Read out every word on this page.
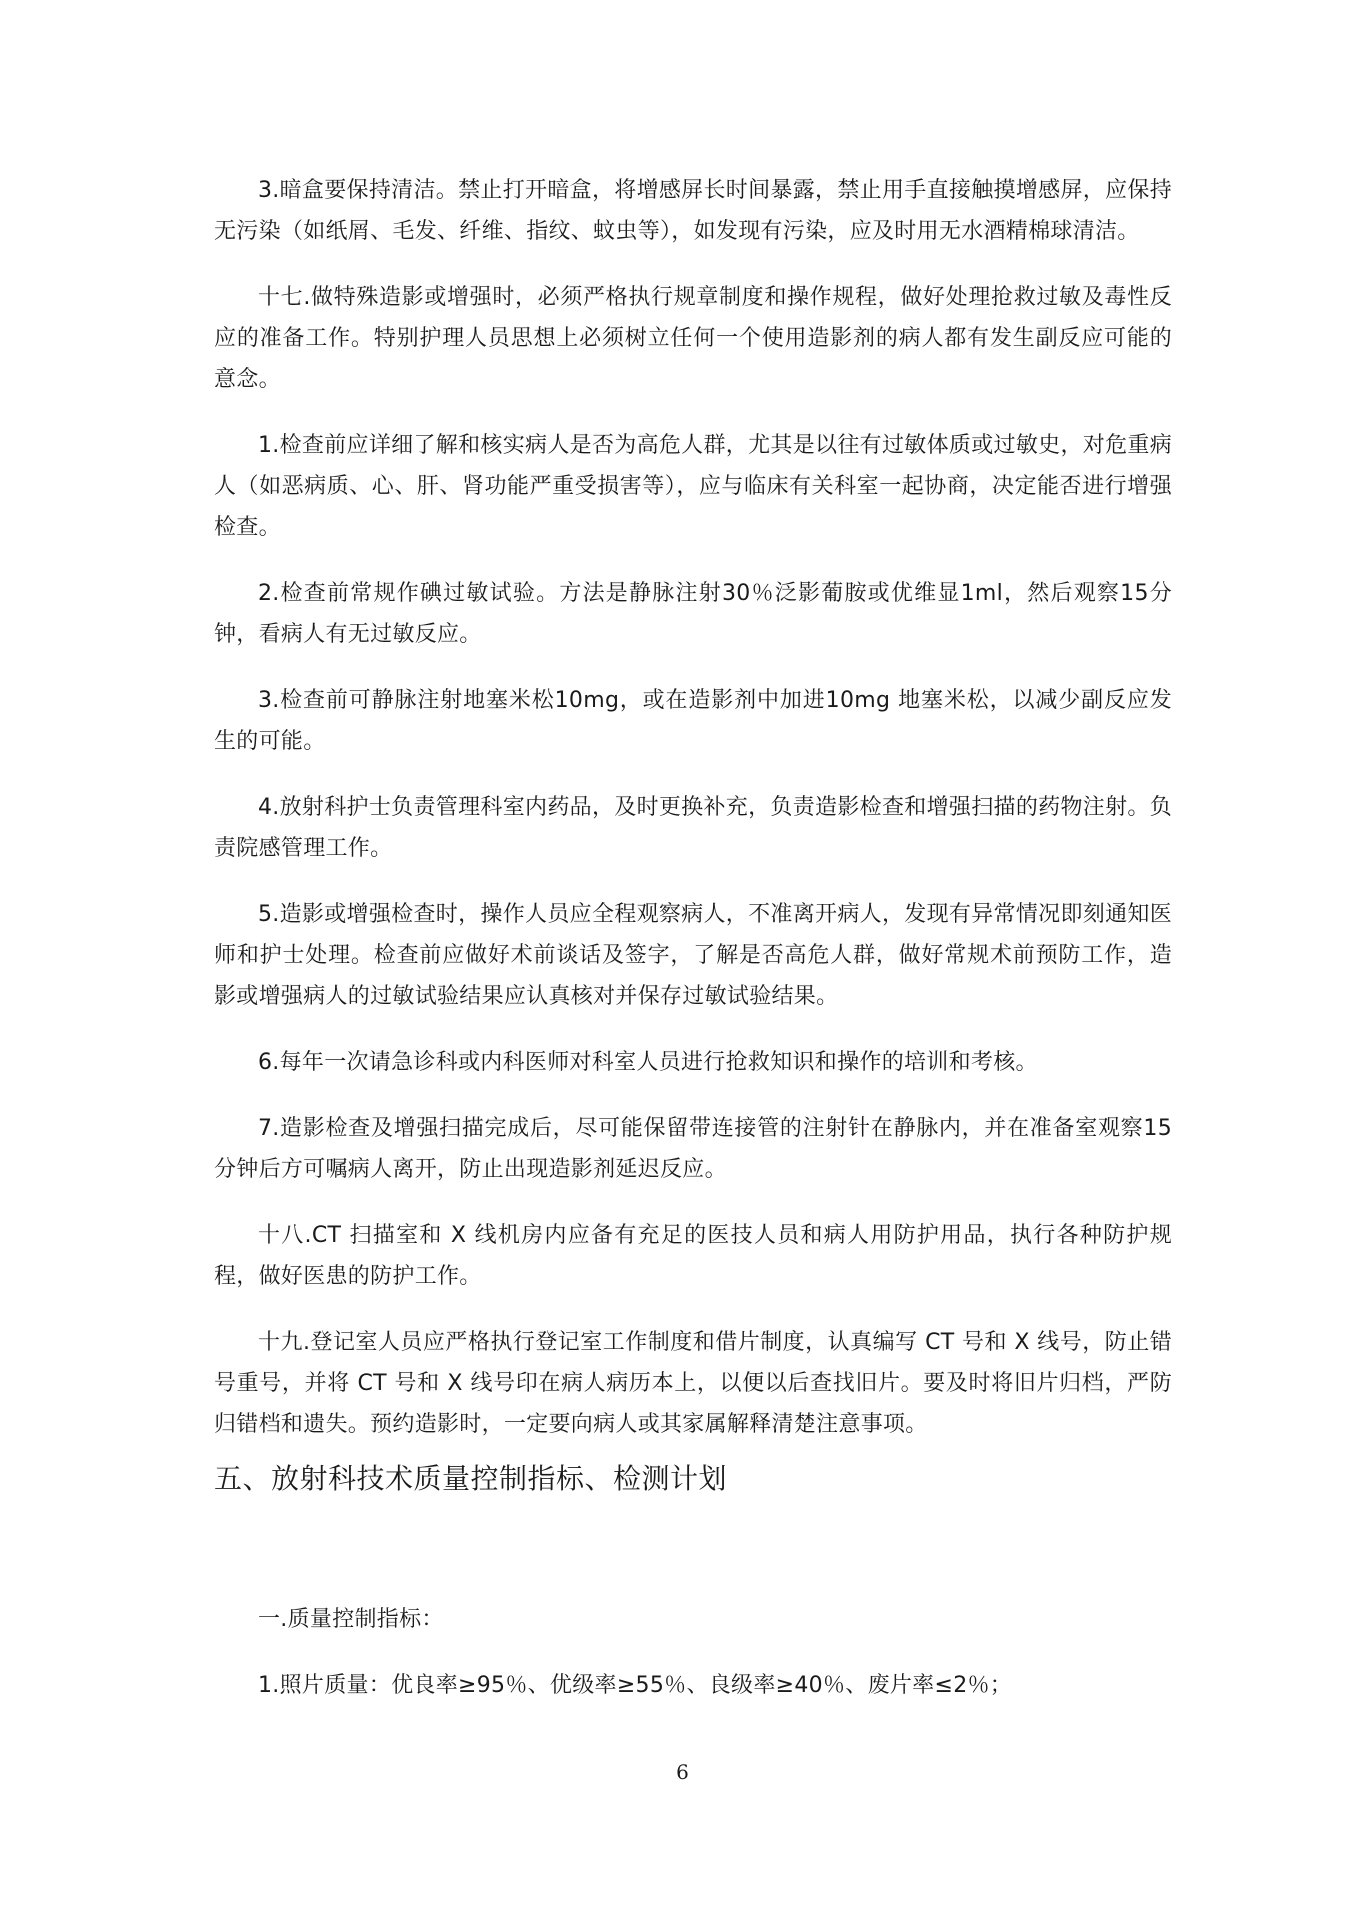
3.暗盒要保持清洁。禁止打开暗盒，将增感屏长时间暴露，禁止用手直接触摸增感屏，应保持无污染（如纸屑、毛发、纤维、指纹、蚊虫等），如发现有污染，应及时用无水酒精棉球清洁。

十七.做特殊造影或增强时，必须严格执行规章制度和操作规程，做好处理抢救过敏及毒性反应的准备工作。特别护理人员思想上必须树立任何一个使用造影剂的病人都有发生副反应可能的意念。

1.检查前应详细了解和核实病人是否为高危人群，尤其是以往有过敏体质或过敏史，对危重病人（如恶病质、心、肝、肾功能严重受损害等），应与临床有关科室一起协商，决定能否进行增强检查。

2.检查前常规作碘过敏试验。方法是静脉注射30％泛影葡胺或优维显1ml，然后观察15分钟，看病人有无过敏反应。

3.检查前可静脉注射地塞米松10mg，或在造影剂中加进10mg 地塞米松，以减少副反应发生的可能。

4.放射科护士负责管理科室内药品，及时更换补充，负责造影检查和增强扫描的药物注射。负责院感管理工作。

5.造影或增强检查时，操作人员应全程观察病人，不准离开病人，发现有异常情况即刻通知医师和护士处理。检查前应做好术前谈话及签字，了解是否高危人群，做好常规术前预防工作，造影或增强病人的过敏试验结果应认真核对并保存过敏试验结果。

6.每年一次请急诊科或内科医师对科室人员进行抢救知识和操作的培训和考核。

7.造影检查及增强扫描完成后，尽可能保留带连接管的注射针在静脉内，并在准备室观察15分钟后方可嘱病人离开，防止出现造影剂延迟反应。

十八.CT 扫描室和 X 线机房内应备有充足的医技人员和病人用防护用品，执行各种防护规程，做好医患的防护工作。

十九.登记室人员应严格执行登记室工作制度和借片制度，认真编写 CT 号和 X 线号，防止错号重号，并将 CT 号和 X 线号印在病人病历本上，以便以后查找旧片。要及时将旧片归档，严防归错档和遗失。预约造影时，一定要向病人或其家属解释清楚注意事项。

五、放射科技术质量控制指标、检测计划

一.质量控制指标：

1.照片质量：优良率≥95％、优级率≥55％、良级率≥40％、废片率≤2％；

6
